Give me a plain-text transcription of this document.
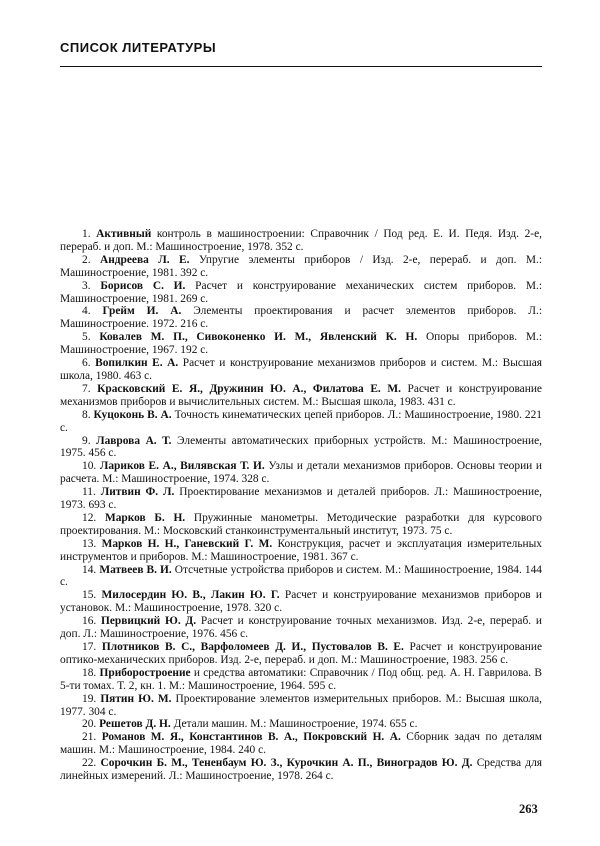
СПИСОК ЛИТЕРАТУРЫ

1. Активный контроль в машиностроении: Справочник / Под ред. Е. И. Педя. Изд. 2-е, перераб. и доп. М.: Машиностроение, 1978. 352 с.

2. Андреева Л. Е. Упругие элементы приборов / Изд. 2-е, перераб. и доп. М.: Машиностроение, 1981. 392 с.

3. Борисов С. И. Расчет и конструирование механических систем приборов. М.: Машиностроение, 1981. 269 с.

4. Грейм И. А. Элементы проектирования и расчет элементов приборов. Л.: Машиностроение. 1972. 216 с.

5. Ковалев М. П., Сивоконенко И. М., Явленский К. Н. Опоры приборов. М.: Машиностроение, 1967. 192 с.

6. Вопилкин Е. А. Расчет и конструирование механизмов приборов и систем. М.: Высшая школа, 1980. 463 с.

7. Красковский Е. Я., Дружинин Ю. А., Филатова Е. М. Расчет и конструирование механизмов приборов и вычислительных систем. М.: Высшая школа, 1983. 431 с.

8. Куцоконь В. А. Точность кинематических цепей приборов. Л.: Машиностроение, 1980. 221 с.

9. Лаврова А. Т. Элементы автоматических приборных устройств. М.: Машиностроение, 1975. 456 с.

10. Лариков Е. А., Вилявская Т. И. Узлы и детали механизмов приборов. Основы теории и расчета. М.: Машиностроение, 1974. 328 с.

11. Литвин Ф. Л. Проектирование механизмов и деталей приборов. Л.: Машиностроение, 1973. 693 с.

12. Марков Б. Н. Пружинные манометры. Методические разработки для курсового проектирования. М.: Московский станкоинструментальный институт, 1973. 75 с.

13. Марков Н. Н., Ганевский Г. М. Конструкция, расчет и эксплуатация измерительных инструментов и приборов. М.: Машиностроение, 1981. 367 с.

14. Матвеев В. И. Отсчетные устройства приборов и систем. М.: Машиностроение, 1984. 144 с.

15. Милосердин Ю. В., Лакин Ю. Г. Расчет и конструирование механизмов приборов и установок. М.: Машиностроение, 1978. 320 с.

16. Первицкий Ю. Д. Расчет и конструирование точных механизмов. Изд. 2-е, перераб. и доп. Л.: Машиностроение, 1976. 456 с.

17. Плотников В. С., Варфоломеев Д. И., Пустовалов В. Е. Расчет и конструирование оптико-механических приборов. Изд. 2-е, перераб. и доп. М.: Машиностроение, 1983. 256 с.

18. Приборостроение и средства автоматики: Справочник / Под общ. ред. А. Н. Гаврилова. В 5-ти томах. Т. 2, кн. 1. М.: Машиностроение, 1964. 595 с.

19. Пятин Ю. М. Проектирование элементов измерительных приборов. М.: Высшая школа, 1977. 304 с.

20. Решетов Д. Н. Детали машин. М.: Машиностроение, 1974. 655 с.

21. Романов М. Я., Константинов В. А., Покровский Н. А. Сборник задач по деталям машин. М.: Машиностроение, 1984. 240 с.

22. Сорочкин Б. М., Тененбаум Ю. З., Курочкин А. П., Виноградов Ю. Д. Средства для линейных измерений. Л.: Машиностроение, 1978. 264 с.

263
